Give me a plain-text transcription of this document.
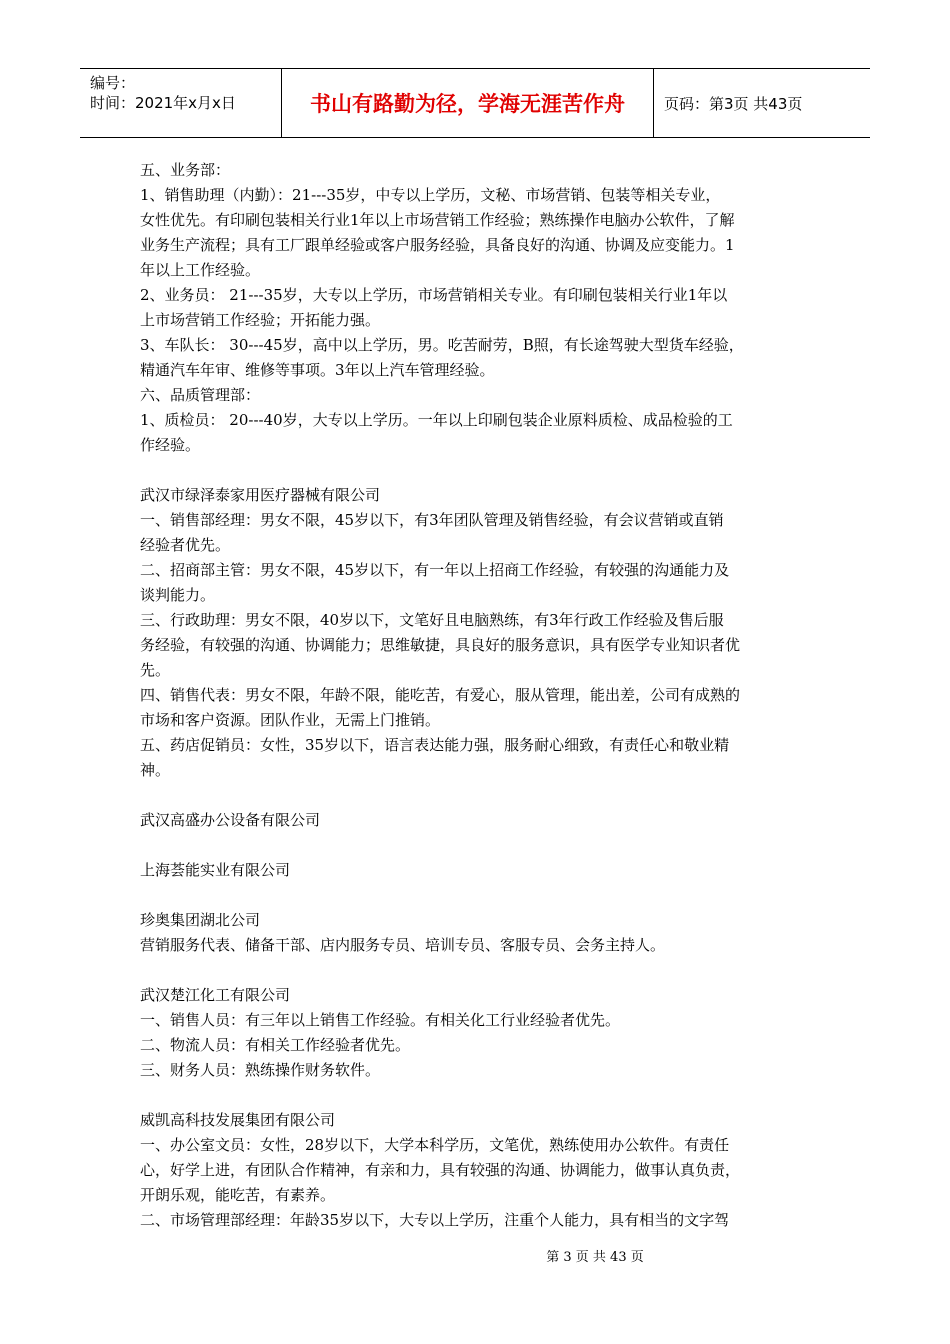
编号：
时间：2021年x月x日	书山有路勤为径，学海无涯苦作舟	页码：第3页 共43页

五、业务部：

1、销售助理（内勤）：21---35岁，中专以上学历，文秘、市场营销、包装等相关专业，

女性优先。有印刷包装相关行业1年以上市场营销工作经验；熟练操作电脑办公软件，了解

业务生产流程；具有工厂跟单经验或客户服务经验，具备良好的沟通、协调及应变能力。1

年以上工作经验。

2、业务员： 21---35岁，大专以上学历，市场营销相关专业。有印刷包装相关行业1年以

上市场营销工作经验；开拓能力强。

3、车队长： 30---45岁，高中以上学历，男。吃苦耐劳，B照，有长途驾驶大型货车经验，

精通汽车年审、维修等事项。3年以上汽车管理经验。

六、品质管理部：

1、质检员： 20---40岁，大专以上学历。一年以上印刷包装企业原料质检、成品检验的工

作经验。

武汉市绿泽泰家用医疗器械有限公司

一、销售部经理：男女不限，45岁以下，有3年团队管理及销售经验，有会议营销或直销

经验者优先。

二、招商部主管：男女不限，45岁以下，有一年以上招商工作经验，有较强的沟通能力及

谈判能力。

三、行政助理：男女不限，40岁以下，文笔好且电脑熟练，有3年行政工作经验及售后服

务经验，有较强的沟通、协调能力；思维敏捷，具良好的服务意识，具有医学专业知识者优

先。

四、销售代表：男女不限，年龄不限，能吃苦，有爱心，服从管理，能出差，公司有成熟的

市场和客户资源。团队作业，无需上门推销。

五、药店促销员：女性，35岁以下，语言表达能力强，服务耐心细致，有责任心和敬业精

神。

武汉高盛办公设备有限公司

上海荟能实业有限公司

珍奥集团湖北公司

营销服务代表、储备干部、店内服务专员、培训专员、客服专员、会务主持人。

武汉楚江化工有限公司

一、销售人员：有三年以上销售工作经验。有相关化工行业经验者优先。

二、物流人员：有相关工作经验者优先。

三、财务人员：熟练操作财务软件。

威凯高科技发展集团有限公司

一、办公室文员：女性，28岁以下，大学本科学历，文笔优，熟练使用办公软件。有责任

心，好学上进，有团队合作精神，有亲和力，具有较强的沟通、协调能力，做事认真负责，

开朗乐观，能吃苦，有素养。

二、市场管理部经理：年龄35岁以下，大专以上学历，注重个人能力，具有相当的文字驾

第 3 页 共 43 页
